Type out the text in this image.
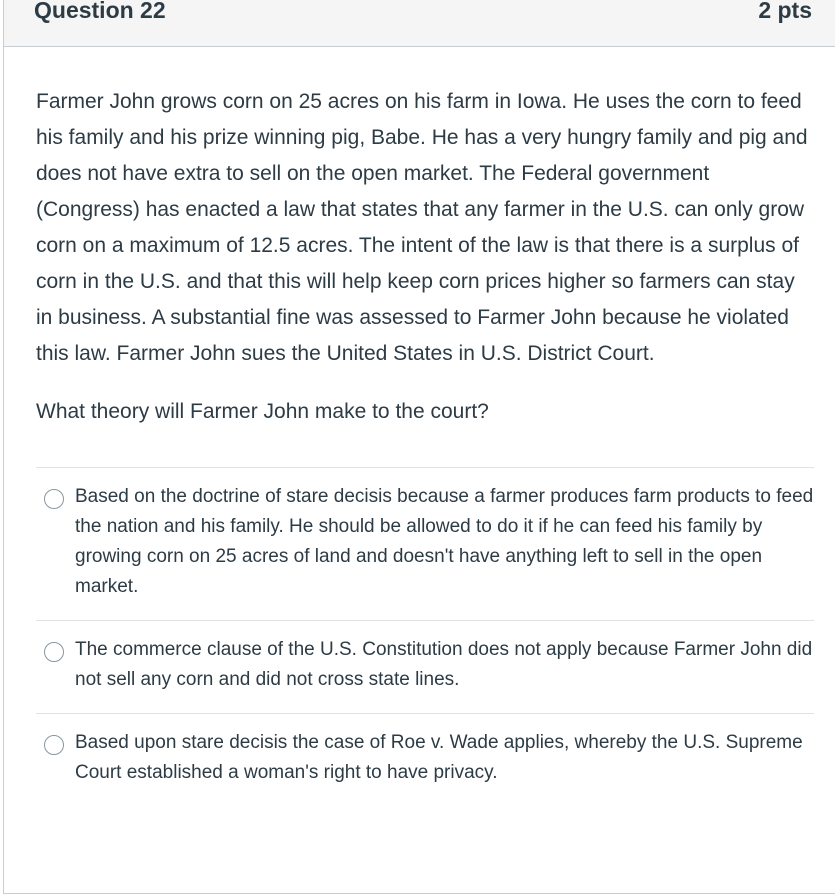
Question 22	2 pts

Farmer John grows corn on 25 acres on his farm in Iowa. He uses the corn to feed his family and his prize winning pig, Babe. He has a very hungry family and pig and does not have extra to sell on the open market. The Federal government (Congress) has enacted a law that states that any farmer in the U.S. can only grow corn on a maximum of 12.5 acres. The intent of the law is that there is a surplus of corn in the U.S. and that this will help keep corn prices higher so farmers can stay in business. A substantial fine was assessed to Farmer John because he violated this law. Farmer John sues the United States in U.S. District Court.

What theory will Farmer John make to the court?

Based on the doctrine of stare decisis because a farmer produces farm products to feed the nation and his family. He should be allowed to do it if he can feed his family by growing corn on 25 acres of land and doesn't have anything left to sell in the open market.
The commerce clause of the U.S. Constitution does not apply because Farmer John did not sell any corn and did not cross state lines.
Based upon stare decisis the case of Roe v. Wade applies, whereby the U.S. Supreme Court established a woman's right to have privacy.
